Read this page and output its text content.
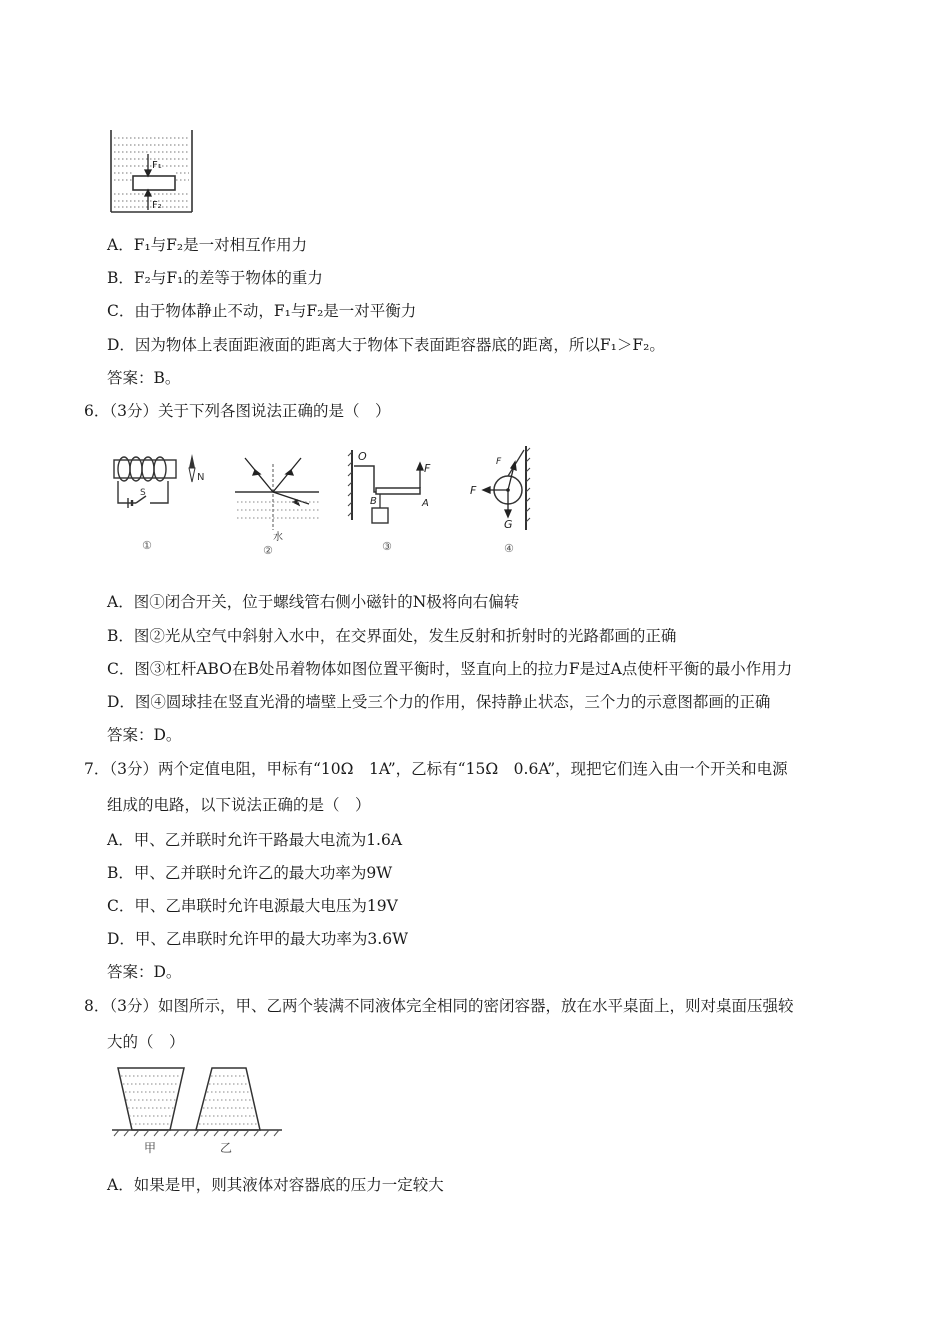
F₁
F₂
A．F₁与F₂是一对相互作用力
B．F₂与F₁的差等于物体的重力
C．由于物体静止不动，F₁与F₂是一对平衡力
D．因为物体上表面距液面的距离大于物体下表面距容器底的距离，所以F₁＞F₂。
答案：B。
6．（3分）关于下列各图说法正确的是（　）
S
N
①
水
②
O
F
B	A
③
F
F
G
④
A．图①闭合开关，位于螺线管右侧小磁针的N极将向右偏转
B．图②光从空气中斜射入水中，在交界面处，发生反射和折射时的光路都画的正确
C．图③杠杆ABO在B处吊着物体如图位置平衡时，竖直向上的拉力F是过A点使杆平衡的最小作用力
D．图④圆球挂在竖直光滑的墙壁上受三个力的作用，保持静止状态，三个力的示意图都画的正确
答案：D。
7．（3分）两个定值电阻，甲标有“10Ω　1A”，乙标有“15Ω　0.6A”，现把它们连入由一个开关和电源
组成的电路，以下说法正确的是（　）
A．甲、乙并联时允许干路最大电流为1.6A
B．甲、乙并联时允许乙的最大功率为9W
C．甲、乙串联时允许电源最大电压为19V
D．甲、乙串联时允许甲的最大功率为3.6W
答案：D。
8．（3分）如图所示，甲、乙两个装满不同液体完全相同的密闭容器，放在水平桌面上，则对桌面压强较
大的（　）
甲	乙
A．如果是甲，则其液体对容器底的压力一定较大
